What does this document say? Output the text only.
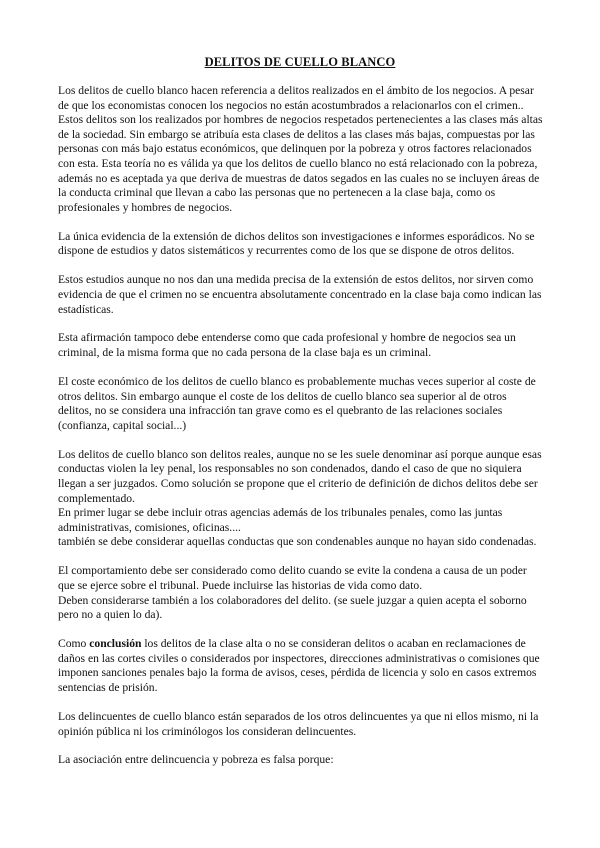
DELITOS DE CUELLO BLANCO

Los delitos de cuello blanco hacen referencia a delitos realizados en el ámbito de los negocios. A pesar de que los economistas conocen los negocios no están acostumbrados a relacionarlos con el crimen.. Estos delitos son los realizados por hombres de negocios respetados pertenecientes a las clases más altas de la sociedad. Sin embargo se atribuía esta clases de delitos a las clases más bajas, compuestas por las personas con más bajo estatus económicos, que delinquen por la pobreza y otros factores relacionados con esta. Esta teoría no es válida ya que los delitos de cuello blanco no está relacionado con la pobreza, además no es aceptada ya que deriva de muestras de datos segados en las cuales no se incluyen áreas de la conducta criminal que llevan a cabo las personas que no pertenecen a la clase baja, como os profesionales y hombres de negocios.

La única evidencia de la extensión de dichos delitos son investigaciones e informes esporádicos. No se dispone de estudios y datos sistemáticos y recurrentes como de los que se dispone de otros delitos.

Estos estudios aunque no nos dan una medida precisa de la extensión de estos delitos, nor sirven como evidencia de que el crimen no se encuentra absolutamente concentrado en la clase baja como indican las estadísticas.

Esta afirmación tampoco debe entenderse como que cada profesional y hombre de negocios sea un criminal, de la misma forma que no cada persona de la clase baja es un criminal.

El coste económico de los delitos de cuello blanco es probablemente muchas veces superior al coste de otros delitos. Sin embargo aunque el coste de los delitos de cuello blanco sea superior al de otros delitos, no se considera una infracción tan grave como es el quebranto de las relaciones sociales (confianza, capital social...)

Los delitos de cuello blanco son delitos reales, aunque no se les suele denominar así porque aunque esas conductas violen la ley penal, los responsables no son condenados, dando el caso de que no siquiera llegan a ser juzgados. Como solución se propone que el criterio de definición de dichos delitos debe ser complementado.

En primer lugar se debe incluir otras agencias además de los tribunales penales, como las juntas administrativas, comisiones, oficinas....

también se debe considerar aquellas conductas que son condenables aunque no hayan sido condenadas.

El comportamiento debe ser considerado como delito cuando se evite la condena a causa de un poder que se ejerce sobre el tribunal. Puede incluirse las historias de vida como dato.

Deben considerarse también a los colaboradores del delito. (se suele juzgar a quien acepta el soborno pero no a quien lo da).

Como conclusión los delitos de la clase alta o no se consideran delitos o acaban en reclamaciones de daños en las cortes civiles o considerados por inspectores, direcciones administrativas o comisiones que imponen sanciones penales bajo la forma de avisos, ceses, pérdida de licencia y solo en casos extremos sentencias de prisión.

Los delincuentes de cuello blanco están separados de los otros delincuentes ya que ni ellos mismo, ni la opinión pública ni los criminólogos los consideran delincuentes.

La asociación entre delincuencia y pobreza es falsa porque:
